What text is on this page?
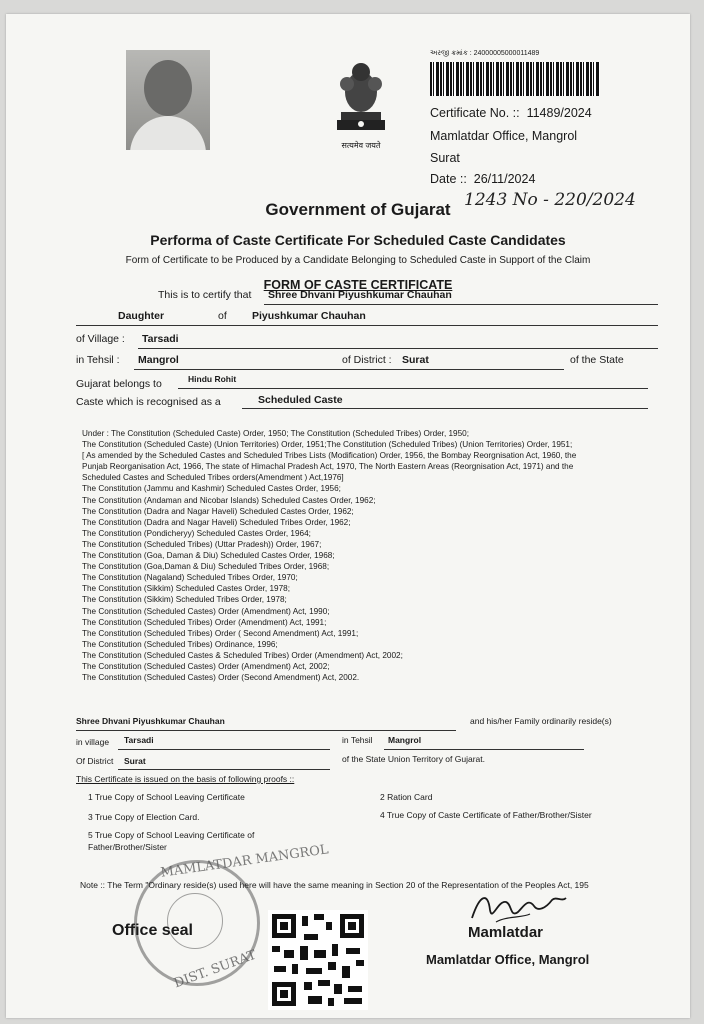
सत्यमेव जयते
અરજી ક્રમાંક : 24000005000011489
Certificate No. :: 11489/2024
Mamlatdar Office, Mangrol
Surat
Date :: 26/11/2024
Government of Gujarat 1243 No - 220/2024
Performa of Caste Certificate For Scheduled Caste Candidates
Form of Certificate to be Produced by a Candidate Belonging to Scheduled Caste in Support of the Claim
FORM OF CASTE CERTIFICATE
This is to certify that Shree Dhvani Piyushkumar Chauhan
Daughter	of Piyushkumar Chauhan
of Village : Tarsadi
in Tehsil : Mangrol	of District : Surat	of the State
Gujarat belongs to	Hindu Rohit
Caste which is recognised as a	Scheduled Caste
Under : The Constitution (Scheduled Caste) Order, 1950; The Constitution (Scheduled Tribes) Order, 1950;
The Constitution (Scheduled Caste) (Union Territories) Order, 1951;The Constitution (Scheduled Tribes) (Union Territories) Order, 1951;
[ As amended by the Scheduled Castes and Scheduled Tribes Lists (Modification) Order, 1956, the Bombay Reorgnisation Act, 1960, the
Punjab Reorganisation Act, 1966, The state of Himachal Pradesh Act, 1970, The North Eastern Areas (Reorgnisation Act, 1971) and the
Scheduled Castes and Scheduled Tribes orders(Amendment ) Act,1976]
The Constitution (Jammu and Kashmir) Scheduled Castes Order, 1956;
The Constitution (Andaman and Nicobar Islands) Scheduled Castes Order, 1962;
The Constitution (Dadra and Nagar Haveli) Scheduled Castes Order, 1962;
The Constitution (Dadra and Nagar Haveli) Scheduled Tribes Order, 1962;
The Constitution (Pondicheryy) Scheduled Castes Order, 1964;
The Constitution (Scheduled Tribes) (Uttar Pradesh)) Order, 1967;
The Constitution (Goa, Daman & Diu) Scheduled Castes Order, 1968;
The Constitution (Goa,Daman & Diu) Scheduled Tribes Order, 1968;
The Constitution (Nagaland) Scheduled Tribes Order, 1970;
The Constitution (Sikkim) Scheduled Castes Order, 1978;
The Constitution (Sikkim) Scheduled Tribes Order, 1978;
The Constitution (Scheduled Castes) Order (Amendment) Act, 1990;
The Constitution (Scheduled Tribes) Order (Amendment) Act, 1991;
The Constitution (Scheduled Tribes) Order ( Second Amendment) Act, 1991;
The Constitution (Scheduled Tribes) Ordinance, 1996;
The Constitution (Scheduled Castes & Scheduled Tribes) Order (Amendment) Act, 2002;
The Constitution (Scheduled Castes) Order (Amendment) Act, 2002;
The Constitution (Scheduled Castes) Order (Second Amendment) Act, 2002.
Shree Dhvani Piyushkumar Chauhan	and his/her Family ordinarily reside(s)
in village Tarsadi	in Tehsil Mangrol
Of District Surat	of the State Union Territory of Gujarat.
This Certificate is issued on the basis of following proofs ::
1 True Copy of School Leaving Certificate	2 Ration Card
3 True Copy of Election Card.	4 True Copy of Caste Certificate of Father/Brother/Sister
5 True Copy of School Leaving Certificate of
Father/Brother/Sister
MAMLATDAR MANGROL
DIST. SURAT
Note :: The Term "Ordinary reside(s) used here will have the same meaning in Section 20 of the Representation of the Peoples Act, 195
Office seal	Mamlatdar
Mamlatdar Office, Mangrol
